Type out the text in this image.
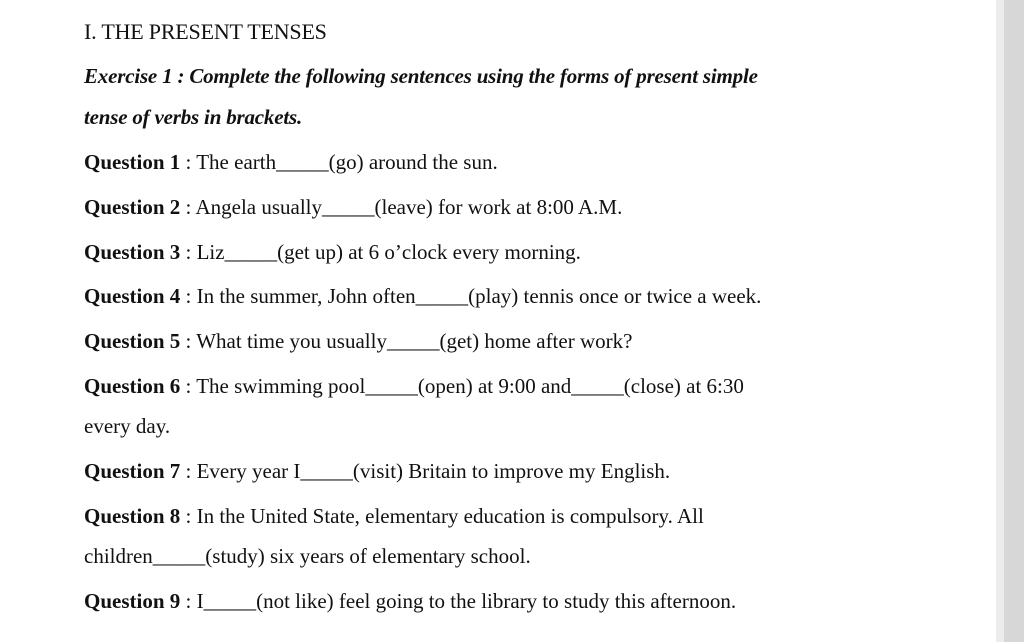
I. THE PRESENT TENSES
Exercise 1 : Complete the following sentences using the forms of present simple
tense of verbs in brackets.
Question 1 : The earth_____(go) around the sun.
Question 2 : Angela usually_____(leave) for work at 8:00 A.M.
Question 3 : Liz_____(get up) at 6 o’clock every morning.
Question 4 : In the summer, John often_____(play) tennis once or twice a week.
Question 5 : What time you usually_____(get) home after work?
Question 6 : The swimming pool_____(open) at 9:00 and_____(close) at 6:30
every day.
Question 7 : Every year I_____(visit) Britain to improve my English.
Question 8 : In the United State, elementary education is compulsory. All
children_____(study) six years of elementary school.
Question 9 : I_____(not like) feel going to the library to study this afternoon.
